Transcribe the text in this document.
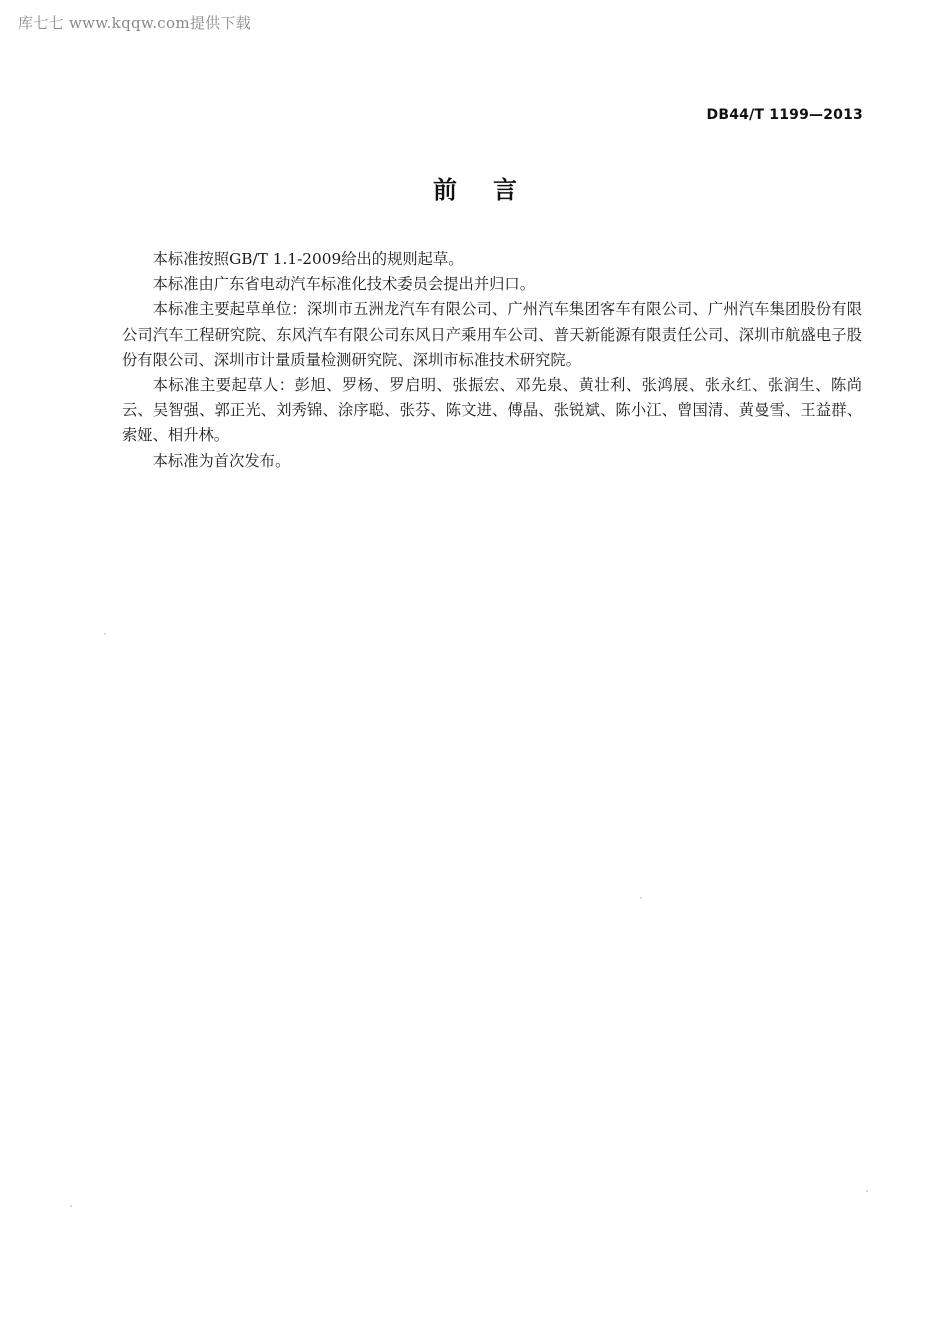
库七七 www.kqqw.com提供下载
DB44/T 1199—2013
前言

本标准按照GB/T 1.1-2009给出的规则起草。

本标准由广东省电动汽车标准化技术委员会提出并归口。

本标准主要起草单位：深圳市五洲龙汽车有限公司、广州汽车集团客车有限公司、广州汽车集团股份有限公司汽车工程研究院、东风汽车有限公司东风日产乘用车公司、普天新能源有限责任公司、深圳市航盛电子股份有限公司、深圳市计量质量检测研究院、深圳市标准技术研究院。

本标准主要起草人：彭旭、罗杨、罗启明、张振宏、邓先泉、黄壮利、张鸿展、张永红、张润生、陈尚云、吴智强、郭正光、刘秀锦、涂序聪、张芬、陈文进、傅晶、张锐斌、陈小江、曾国清、黄曼雪、王益群、索娅、相升林。

本标准为首次发布。
